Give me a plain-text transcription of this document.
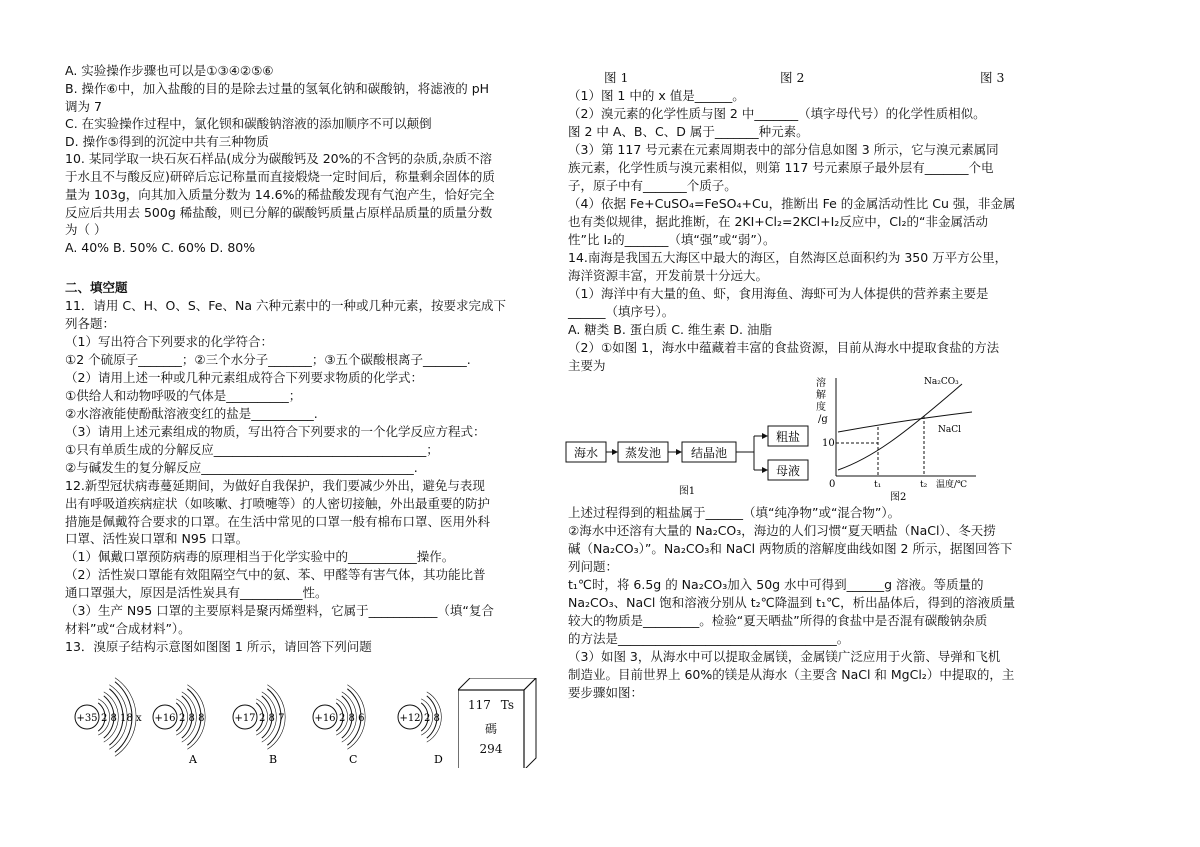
A. 实验操作步骤也可以是①③④②⑤⑥
B. 操作⑥中，加入盐酸的目的是除去过量的氢氧化钠和碳酸钠，将滤液的 pH
调为 7
C. 在实验操作过程中，氯化钡和碳酸钠溶液的添加顺序不可以颠倒
D. 操作⑤得到的沉淀中共有三种物质
10. 某同学取一块石灰石样品(成分为碳酸钙及 20%的不含钙的杂质,杂质不溶
于水且不与酸反应)研碎后忘记称量而直接煅烧一定时间后，称量剩余固体的质
量为 103g，向其加入质量分数为 14.6%的稀盐酸发现有气泡产生，恰好完全
反应后共用去 500g 稀盐酸，则已分解的碳酸钙质量占原样品质量的质量分数
为（ ）
A. 40% B. 50% C. 60% D. 80%
二、填空题
11．请用 C、H、O、S、Fe、Na 六种元素中的一种或几种元素，按要求完成下
列各题：
（1）写出符合下列要求的化学符合：
①2 个硫原子_______；②三个水分子_______；③五个碳酸根离子_______.
（2）请用上述一种或几种元素组成符合下列要求物质的化学式：
①供给人和动物呼吸的气体是__________；
②水溶液能使酚酞溶液变红的盐是__________.
（3）请用上述元素组成的物质，写出符合下列要求的一个化学反应方程式：
①只有单质生成的分解反应__________________________________；
②与碱发生的复分解反应__________________________________.
12.新型冠状病毒蔓延期间，为做好自我保护，我们要减少外出，避免与表现
出有呼吸道疾病症状（如咳嗽、打喷嚏等）的人密切接触，外出最重要的防护
措施是佩戴符合要求的口罩。在生活中常见的口罩一般有棉布口罩、医用外科
口罩、活性炭口罩和 N95 口罩。
（1）佩戴口罩预防病毒的原理相当于化学实验中的___________操作。
（2）活性炭口罩能有效阻隔空气中的氨、苯、甲醛等有害气体，其功能比普
通口罩强大，原因是活性炭具有__________性。
（3）生产 N95 口罩的主要原料是聚丙烯塑料，它属于___________（填“复合
材料”或“合成材料”）。
13．溴原子结构示意图如图图 1 所示，请回答下列问题
+35 2 8 18 x +16 2 8 8
A
+17 2 8 7
B
+16 2 8 6
C
+12 2 8
D
117 Ts
碼
294
图 1	图 2	图 3
（1）图 1 中的 x 值是______。
（2）溴元素的化学性质与图 2 中_______（填字母代号）的化学性质相似。
图 2 中 A、B、C、D 属于_______种元素。
（3）第 117 号元素在元素周期表中的部分信息如图 3 所示，它与溴元素属同
族元素，化学性质与溴元素相似，则第 117 号元素原子最外层有_______个电
子，原子中有_______个质子。
（4）依据 Fe+CuSO₄=FeSO₄+Cu，推断出 Fe 的金属活动性比 Cu 强，非金属
也有类似规律，据此推断，在 2KI+Cl₂=2KCl+I₂反应中，Cl₂的“非金属活动
性”比 I₂的_______（填“强”或“弱”）。
14.南海是我国五大海区中最大的海区，自然海区总面积约为 350 万平方公里，
海洋资源丰富，开发前景十分远大。
（1）海洋中有大量的鱼、虾，食用海鱼、海虾可为人体提供的营养素主要是
______（填序号）。
A. 糖类 B. 蛋白质 C. 维生素 D. 油脂
（2）①如图 1，海水中蕴藏着丰富的食盐资源，目前从海水中提取食盐的方法
主要为
上述过程得到的粗盐属于______（填“纯净物”或“混合物”）。
②海水中还溶有大量的 Na₂CO₃，海边的人们习惯“夏天晒盐（NaCl）、冬天捞
碱（Na₂CO₃）”。Na₂CO₃和 NaCl 两物质的溶解度曲线如图 2 所示，据图回答下
列问题：
t₁℃时，将 6.5g 的 Na₂CO₃加入 50g 水中可得到______g 溶液。等质量的
Na₂CO₃、NaCl 饱和溶液分别从 t₂℃降温到 t₁℃，析出晶体后，得到的溶液质量
较大的物质是_________。检验“夏天晒盐”所得的食盐中是否混有碳酸钠杂质
的方法是___________________________________。
（3）如图 3，从海水中可以提取金属镁，金属镁广泛应用于火箭、导弹和飞机
制造业。目前世界上 60%的镁是从海水（主要含 NaCl 和 MgCl₂）中提取的，主
要步骤如图：
海水 蒸发池 结晶池
粗盐
母液
图1
溶
解
度
/g
10
0	t₁	t₂ 温度/℃
Na₂CO₃
NaCl
图2
